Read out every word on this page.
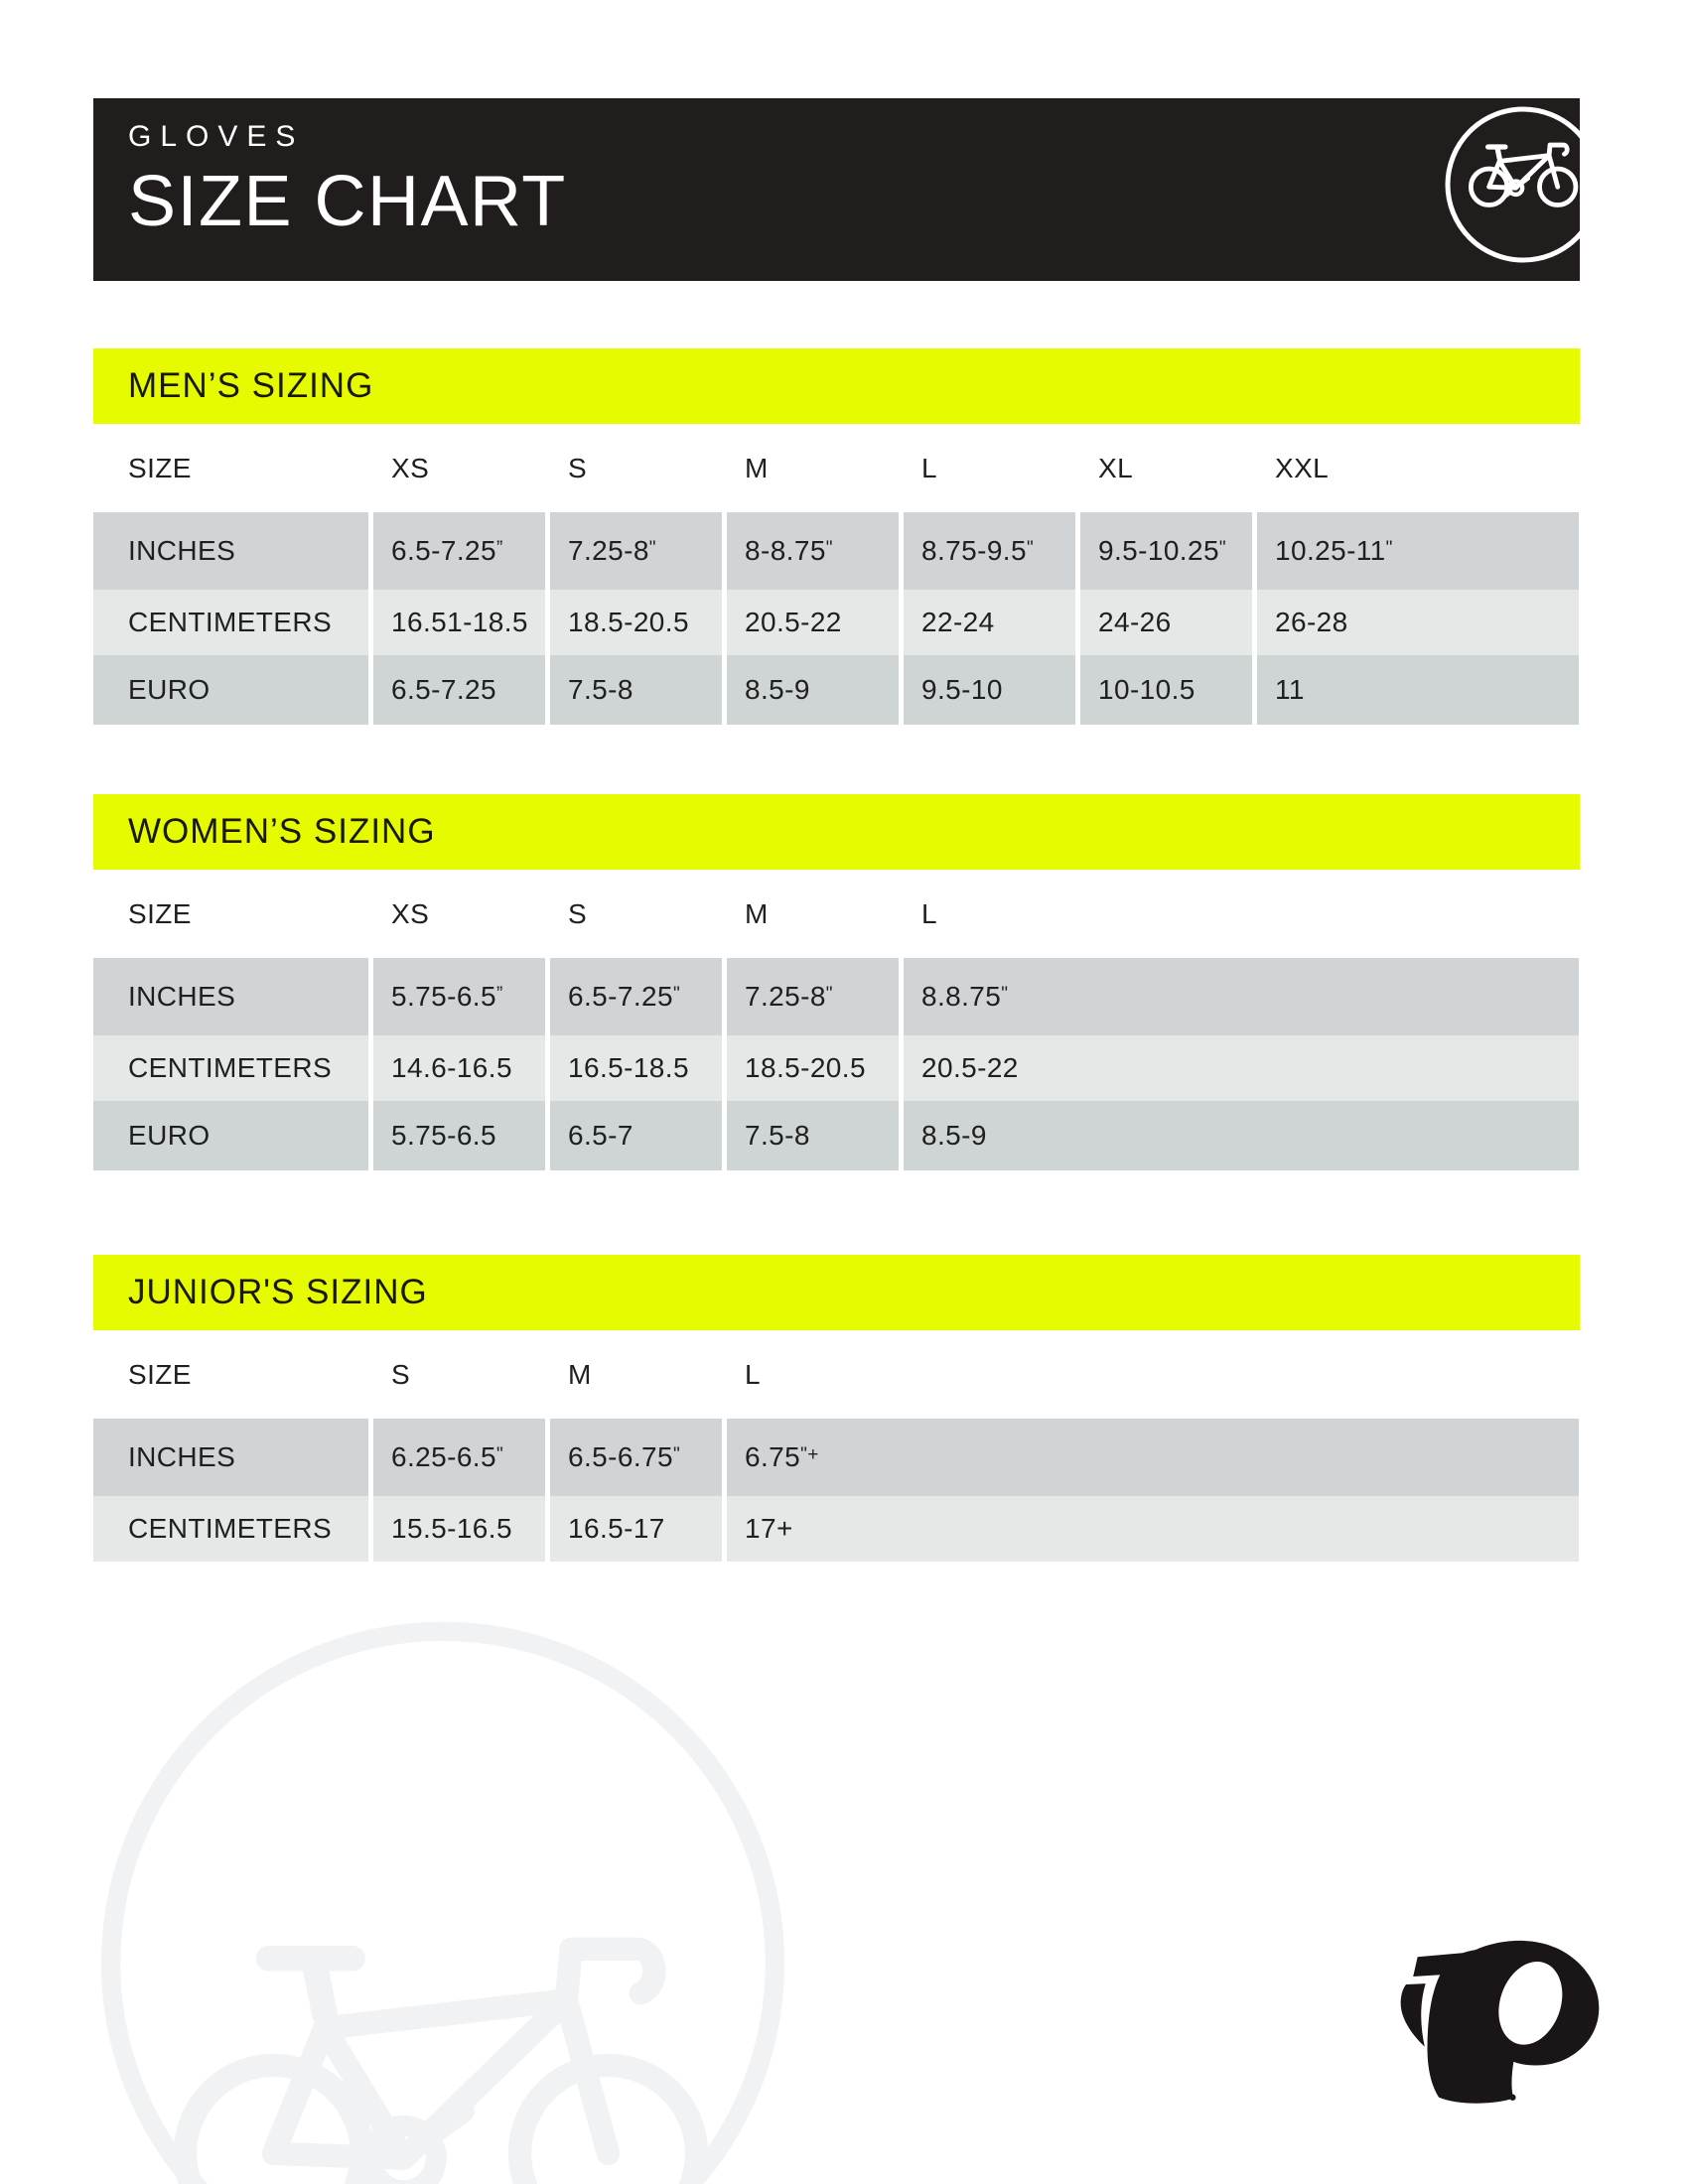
GLOVES
SIZE CHART
MEN’S SIZING
SIZE	XS	S	M	L	XL	XXL
INCHES	6.5-7.25”	7.25-8"	8-8.75"	8.75-9.5"	9.5-10.25"	10.25-11"
CENTIMETERS	16.51-18.5	18.5-20.5	20.5-22	22-24	24-26	26-28
EURO	6.5-7.25	7.5-8	8.5-9	9.5-10	10-10.5	11
WOMEN’S SIZING
SIZE	XS	S	M	L
INCHES	5.75-6.5”	6.5-7.25"	7.25-8"	8.8.75"
CENTIMETERS	14.6-16.5	16.5-18.5	18.5-20.5	20.5-22
EURO	5.75-6.5	6.5-7	7.5-8	8.5-9
JUNIOR'S SIZING
SIZE	S	M	L
INCHES	6.25-6.5"	6.5-6.75"	6.75"+
CENTIMETERS	15.5-16.5	16.5-17	17+
